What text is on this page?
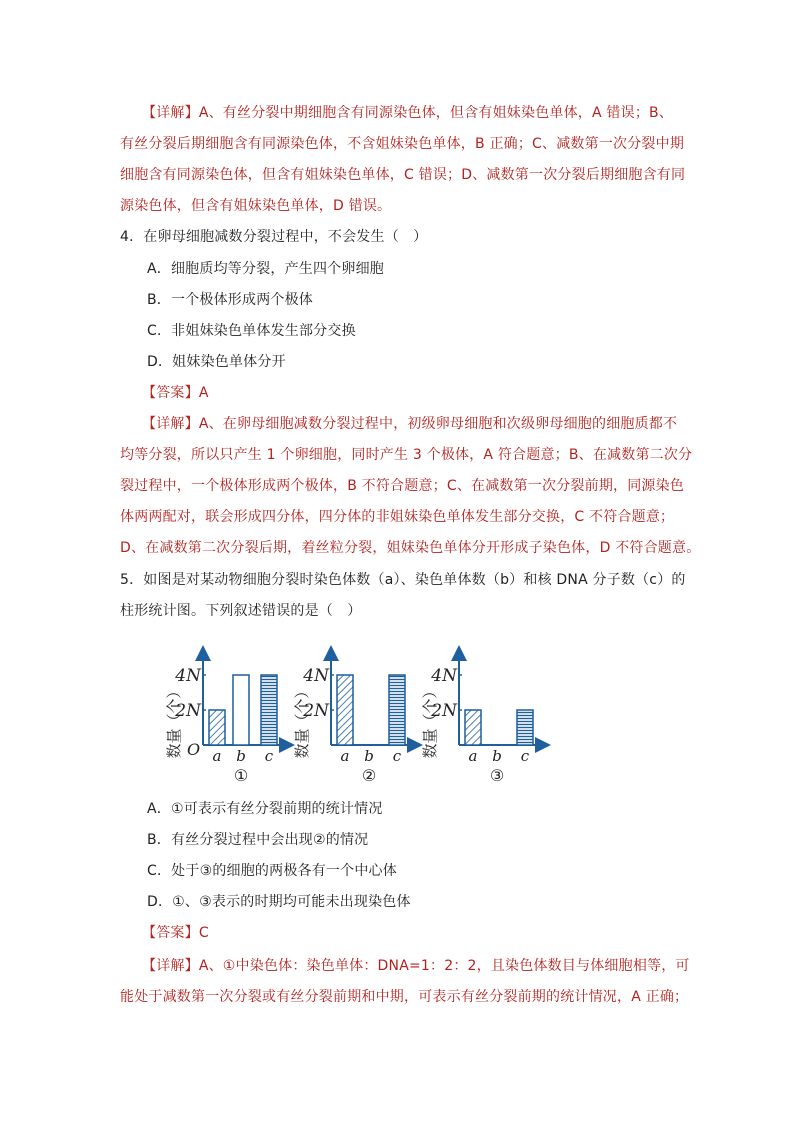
【详解】A、有丝分裂中期细胞含有同源染色体，但含有姐妹染色单体，A 错误；B、
有丝分裂后期细胞含有同源染色体，不含姐妹染色单体，B 正确；C、减数第一次分裂中期
细胞含有同源染色体，但含有姐妹染色单体，C 错误；D、减数第一次分裂后期细胞含有同
源染色体，但含有姐妹染色单体，D 错误。
4．在卵母细胞减数分裂过程中，不会发生（　）
A．细胞质均等分裂，产生四个卵细胞
B．一个极体形成两个极体
C．非姐妹染色单体发生部分交换
D．姐妹染色单体分开
【答案】A
【详解】A、在卵母细胞减数分裂过程中，初级卵母细胞和次级卵母细胞的细胞质都不
均等分裂，所以只产生 1 个卵细胞，同时产生 3 个极体，A 符合题意；B、在减数第二次分
裂过程中，一个极体形成两个极体，B 不符合题意；C、在减数第一次分裂前期，同源染色
体两两配对，联会形成四分体，四分体的非姐妹染色单体发生部分交换，C 不符合题意；
D、在减数第二次分裂后期，着丝粒分裂，姐妹染色单体分开形成子染色体，D 不符合题意。
5．如图是对某动物细胞分裂时染色体数（a）、染色单体数（b）和核 DNA 分子数（c）的
柱形统计图。下列叙述错误的是（　）
2N
4N
数量（个） O a b c
①
2N
4N
数量（个） a b c
②
2N
4N
数量（个） a b c
③
A．①可表示有丝分裂前期的统计情况
B．有丝分裂过程中会出现②的情况
C．处于③的细胞的两极各有一个中心体
D．①、③表示的时期均可能未出现染色体
【答案】C
【详解】A、①中染色体：染色单体：DNA=1：2：2，且染色体数目与体细胞相等，可
能处于减数第一次分裂或有丝分裂前期和中期，可表示有丝分裂前期的统计情况，A 正确；
